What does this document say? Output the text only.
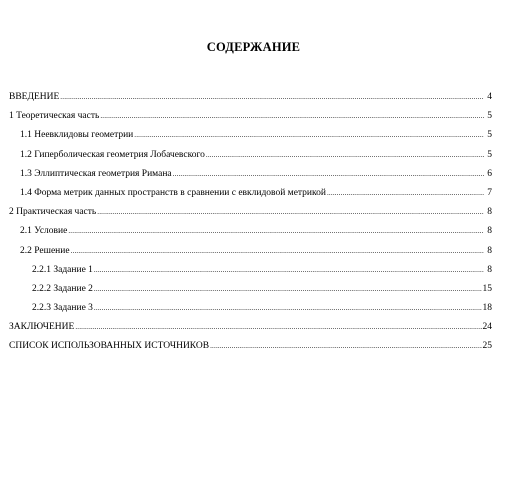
СОДЕРЖАНИЕ
ВВЕДЕНИЕ .....	4
1 Теоретическая часть .....	5
1.1 Неевклидовы геометрии .....	5
1.2 Гиперболическая геометрия Лобачевского .....	5
1.3 Эллиптическая геометрия Римана .....	6
1.4 Форма метрик данных пространств в сравнении с евклидовой метрикой .....	7
2 Практическая часть .....	8
2.1 Условие .....	8
2.2 Решение .....	8
2.2.1 Задание 1 .....	8
2.2.2 Задание 2 .....	15
2.2.3 Задание 3 .....	18
ЗАКЛЮЧЕНИЕ .....	24
СПИСОК ИСПОЛЬЗОВАННЫХ ИСТОЧНИКОВ .....	25
